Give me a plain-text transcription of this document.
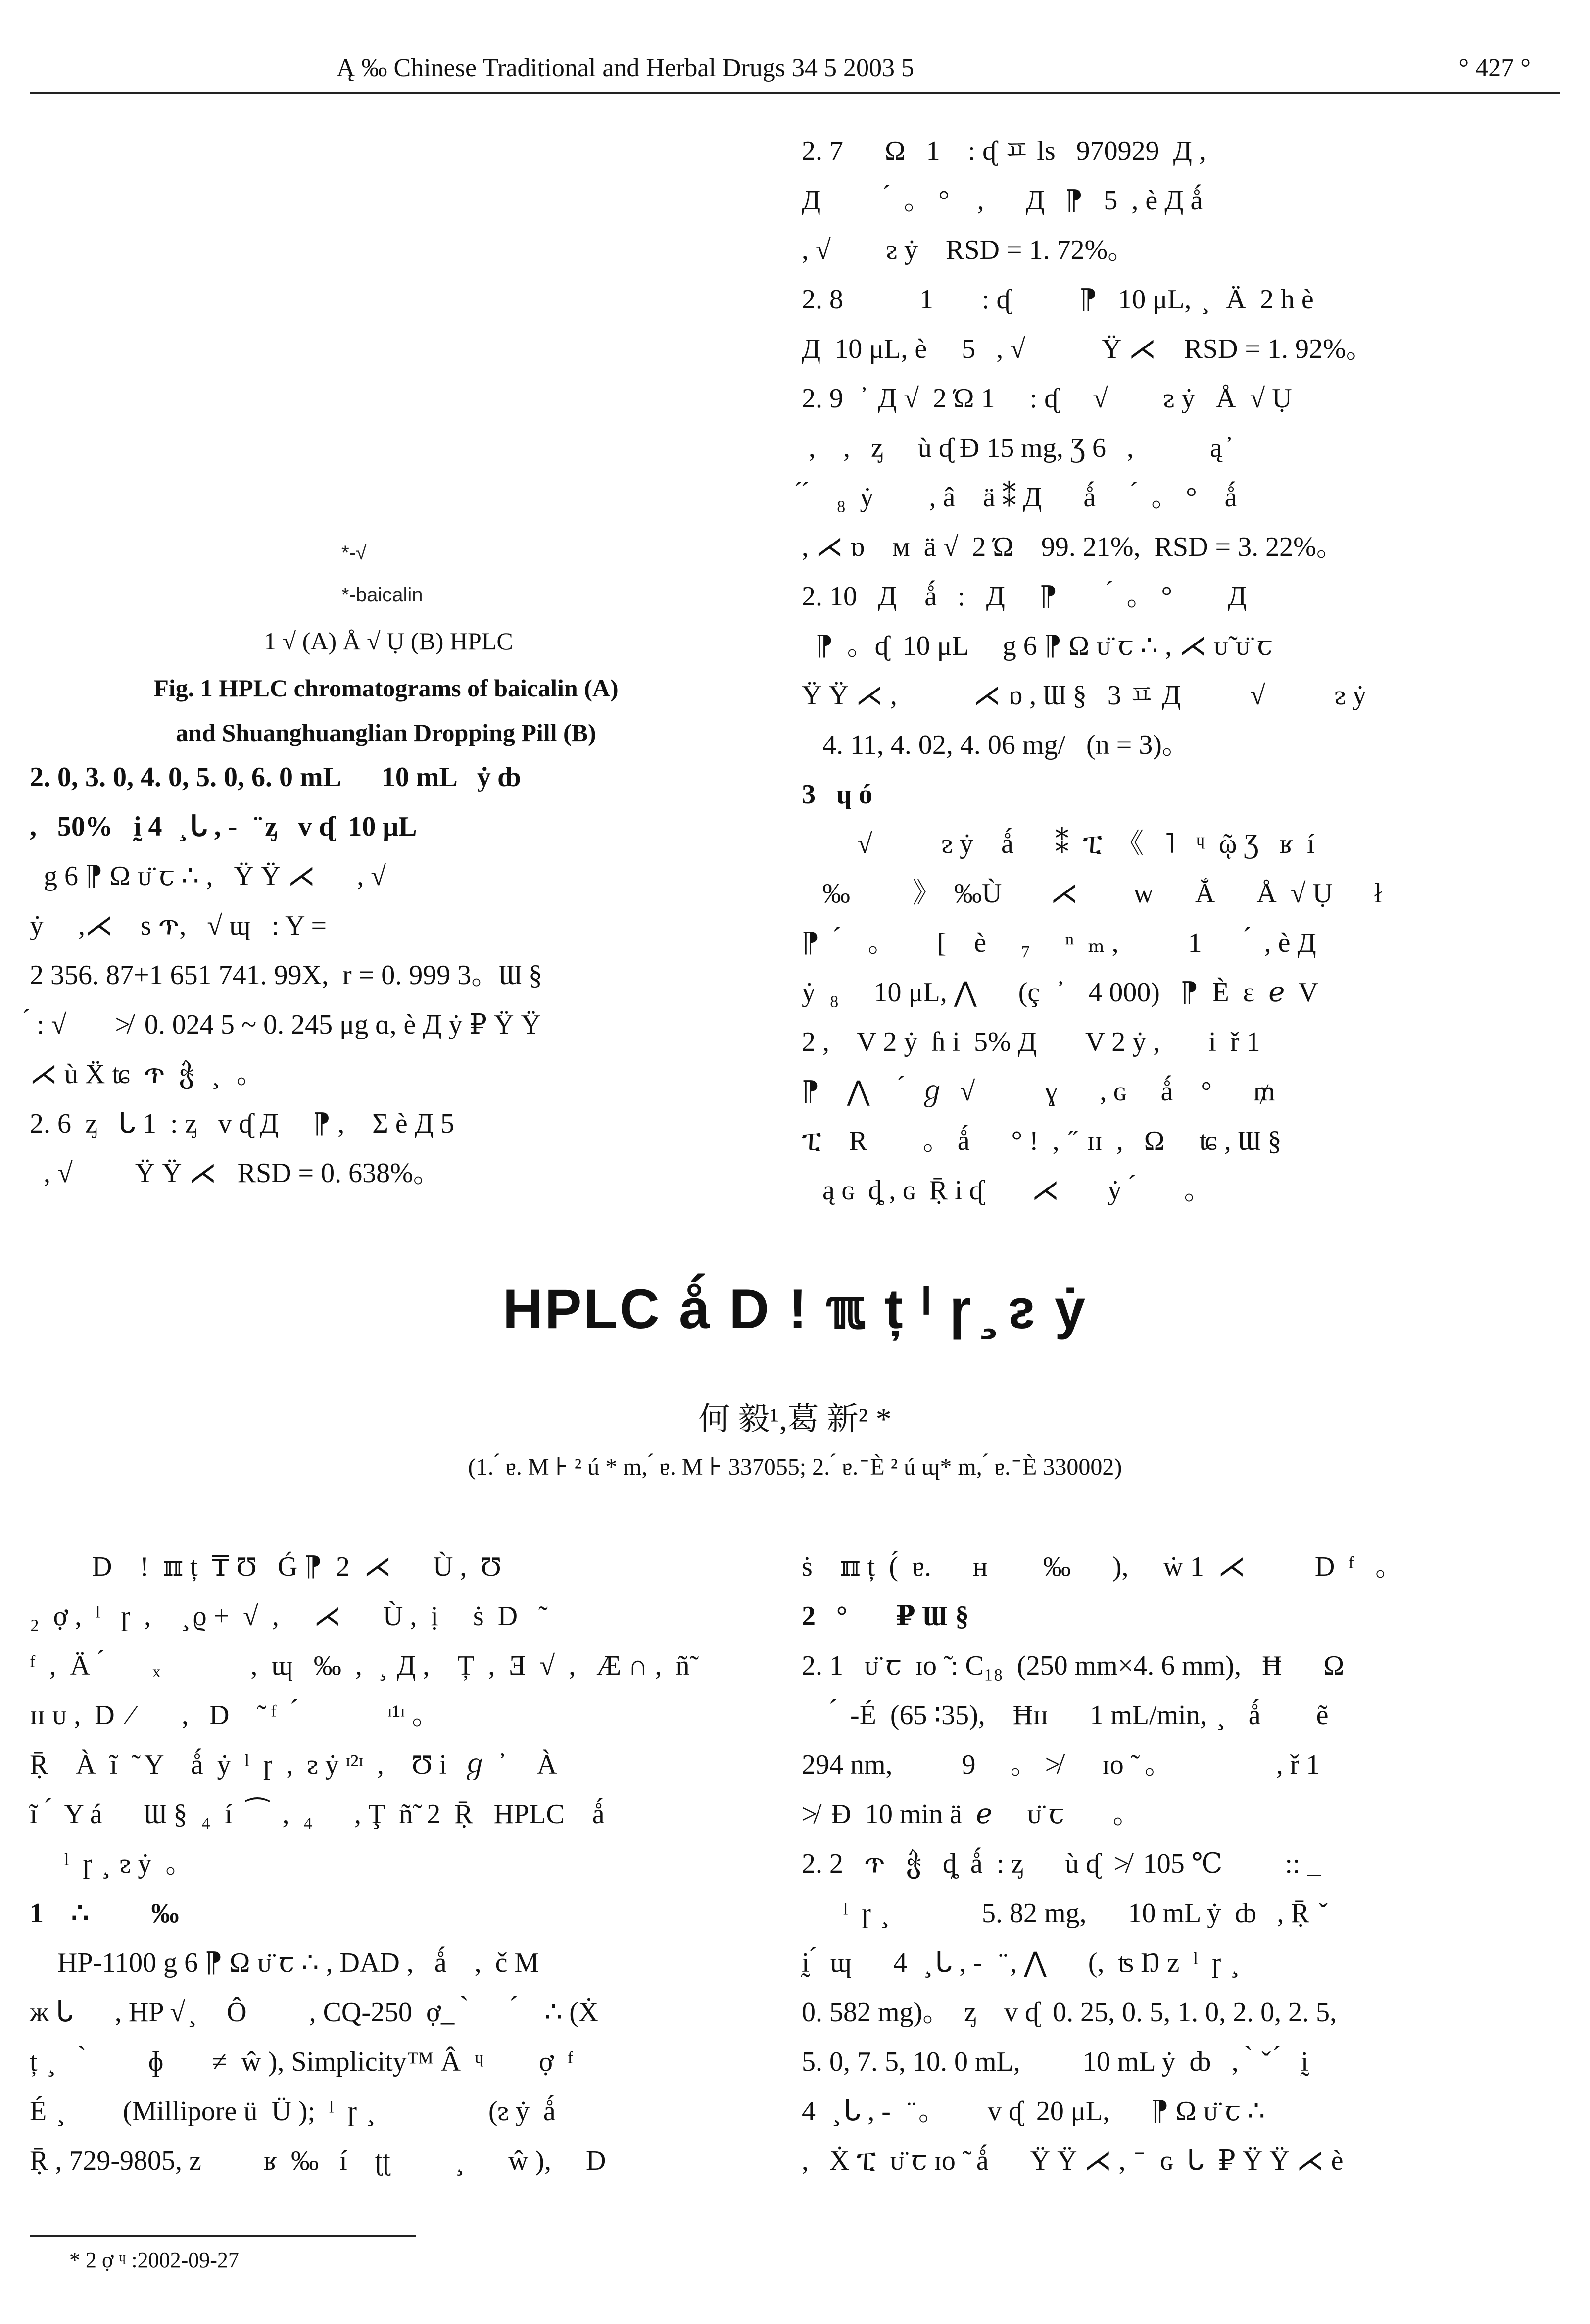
Ą ‰ Chinese Traditional and Herbal Drugs 34 5 2003 5	° 427 °
*-√
*-baicalin
1 √ (A) Å √ Ụ (B) HPLC
Fig. 1 HPLC chromatograms of baicalin (A)
and Shuanghuanglian Dropping Pill (B)

2. 0, 3. 0, 4. 0, 5. 0, 6. 0 mL      10 mL   ẏ ȸ

,   50%   ḭ 4   ̧ ᒐ , -   ̈ ᶎ   v ᶑ  10 μL

g 6 ⁋ Ω ᴜ̈ ꞇ ∴ ,   Ÿ Ÿ ⋌      , √

ẏ     ,⋌    s ጥ,   √ ɰ   : Y =

2 356. 87+1 651 741. 99X,  r = 0. 999 3。Ɯ §

́ : √       ≯  0. 024 5 ~ 0. 245 μg ɑ, è Д ẏ ₽ Ÿ Ÿ

⋌ ù Ẍ ʨ  ጥ  ჭ   ̧   。

2. 6  ᶎ   ᒐ 1  : ᶎ   v ᶑ Д     ⁋ ,    Σ è Д 5

, √         Ÿ Ÿ ⋌   RSD = 0. 638%。

2. 7      Ω   1    : ᶑ ㅍ ls   970929  Д ,

Д          ́  。 °    ,      Д   ⁋   5  , è Д ǻ

, √        ᴤ ẏ    RSD = 1. 72%。

2. 8           1       : ᶑ          ⁋   10 μL,  ̧   Ä  2 h è

Д  10 μL, è     5   , √           Ÿ ⋌    RSD = 1. 92%。

2. 9   ̓  Д √  2 Ώ 1     : ᶑ     √        ᴤ ẏ   Å  √ Ụ

,    ,   ᶎ     ù ᶑ Ð 15 mg, Ʒ 6   ,           ą ̓

́ ́    ₈  ẏ        , â    ä ⁑ Д      ǻ      ́  。 °    ǻ

, ⋌ ɒ    ᴍ  ä √  2 Ώ    99. 21%,  RSD = 3. 22%。

2. 10   Д    ǻ   :   Д     ⁋        ́  。 °        Д

⁋  。ᶑ  10 μL     g 6 ⁋ Ω ᴜ̈ ꞇ ∴ , ⋌ ᴜ̃ ᴜ̈ ꞇ

Ÿ Ÿ ⋌ ,           ⋌ ɒ , Ɯ §   3 ㅍ Д          √          ᴤ ẏ

4. 11, 4. 02, 4. 06 mg/   (n = 3)。

3   ɥ ó

√          ᴤ ẏ    ǻ      ⁑  ፒ  《   ˥   ᶣ  ῷ Ʒ   ʁ  í

‰         》  ‰Ù       ⋌        w      Ắ      Å  √ Ụ      ł

⁋   ́    。      [    è     ₇     ⁿ  ₘ ,          1       ́  , è Д

ẏ  ₈     10 μL, ⋀      (ç   ̓    4 000)   ⁋  È  ɛ  ℯ  V

2 ,    V 2 ẏ  ɦ i  5% Д       V 2 ẏ ,       i  ř 1

⁋    ⋀     ́  ℊ  √          ɣ      , ɢ     ǻ    °      ₥

ፒ    R        。 ǻ      ° !  ,  ̋  ɪɪ  ,   Ω     ʨ , Ɯ §

ą ɢ  ȡ , ɢ  Ṝ i ᶑ       ⋌       ẏ  ́       。

HPLC ǻ D ǃ ℼ ț ˡ ɼ ̧ ᴤ ẏ
何 毅¹,葛 新² *
(1. ́ ɐ. M ⊦ ² ú * m, ́ ɐ. M ⊦ 337055; 2. ́ ɐ. ̄ È ² ú ɰ* m, ́ ɐ. ̄ È 330002)

D    ǃ  ℼ ț  ₸ Ʊ   Ǵ ⁋  2  ⋌      Ù ,  Ʊ

₂  ợ ,  ˡ   ɼ  ,     ̧ ϱ +  √  ,     ⋌      Ù ,  ị     ṡ  D   ̃

ᶠ  ,  Ä  ́       ₓ             ,  ɰ   ‰  ,   ̧  Д ,    Ț  ,  Ǝ  √  ,   Æ ∩ ,  ñ̃

ɪɪ ᴜ ,  D  ⁄       ,   D    ̃  ᶠ   ́             ᶦ¹ᶦ 。

Ṝ    À  ĩ  ̃  Y    ǻ  ẏ  ˡ  ɼ  ,  ᴤ ẏ ᶦ²ᶦ  ,    Ʊ i  ℊ  ̓     À

ĩ  ́  Y á      Ɯ §  ₄  í  ⁀  ,  ₄      , Ţ  ñ̃  2  Ṝ   HPLC    ǻ

ˡ  ɼ  ̧  ᴤ ẏ  。

1    ∴         ‰

HP-1100 g 6 ⁋ Ω ᴜ̈ ꞇ ∴ , DAD ,   ǻ    ,  č M

ж ᒐ      , HP √ ̧     Ô         , CQ-250  ợ ̲   ̀       ́    ∴ (Ẋ

ț  ̧     ̀         ɸ       ≠  ŵ ), Simplicity™ Â  ᶣ        ợ  ᶠ

É  ̧         (Millipore ü  Ü );  ˡ  ɼ  ̧                 (ᴤ ẏ  ǻ

Ṝ , 729-9805, ᴢ         ʁ  ‰   í    ʈʈ          ̧       ŵ ),     D

ṡ    ℼ ț  (́  ɐ.      ʜ        ‰      ),     ẇ 1  ⋌          D  ᶠ   。

2   °       ₽ Ɯ §

2. 1   ᴜ̈ ꞇ  ɪᴏ ̃ : C₁₈  (250 mm×4. 6 mm),   Ħ      Ω

́  -É  (65 ∶35),    Ħɪɪ      1 mL/min,  ̧    ǻ        ẽ

294 nm,          9     。 ≯      ɪᴏ ̃  。               , ř 1

≯  Ð  10 min ä  ℯ     ᴜ̈ ꞇ       。

2. 2   ጥ   ჭ   ȡ  ǻ  : ᶎ      ù ᶑ  ≯  105 ℃         :: _

ˡ  ɼ  ̧              5. 82 mg,      10 mL ẏ  ȸ   , Ṝ  ̌

ḭ ́  ɰ      4   ̧ ᒐ , -   ̈ , ⋀      (,  ʦ Ŋ ᴢ  ˡ  ɼ  ̧

0. 582 mg)。  ᶎ    v ᶑ  0. 25, 0. 5, 1. 0, 2. 0, 2. 5,

5. 0, 7. 5, 10. 0 mL,         10 mL ẏ  ȸ   ,  ̀  ̌  ́   ḭ

4   ̧ ᒐ , -   ̈ 。      v ᶑ  20 μL,      ⁋ Ω ᴜ̈ ꞇ ∴

,   Ẋ ፒ  ᴜ̈ ꞇ ɪᴏ ̃  ǻ      Ÿ Ÿ ⋌ ,  ̄   ɢ  ᒐ  ₽ Ÿ Ÿ ⋌ è

* 2 ợ ᶣ :2002-09-27
